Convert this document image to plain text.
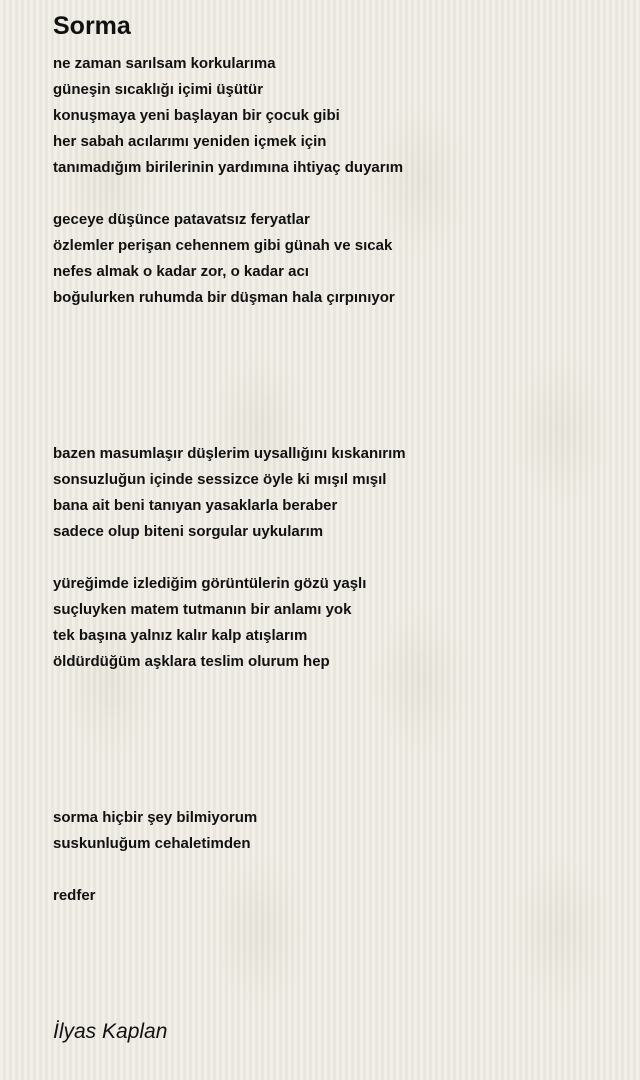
Sorma
ne zaman sarılsam korkularıma
güneşin sıcaklığı içimi üşütür
konuşmaya yeni başlayan bir çocuk gibi
her sabah acılarımı yeniden içmek için
tanımadığım birilerinin yardımına ihtiyaç duyarım
geceye düşünce patavatsız feryatlar
özlemler perişan cehennem gibi günah ve sıcak
nefes almak o kadar zor, o kadar acı
boğulurken ruhumda bir düşman hala çırpınıyor
bazen masumlaşır düşlerim uysallığını kıskanırım
sonsuzluğun içinde sessizce öyle ki mışıl mışıl
bana ait beni tanıyan yasaklarla beraber
sadece olup biteni sorgular uykularım
yüreğimde izlediğim görüntülerin gözü yaşlı
suçluyken matem tutmanın bir anlamı yok
tek başına yalnız kalır kalp atışlarım
öldürdüğüm aşklara teslim olurum hep
sorma hiçbir şey bilmiyorum
suskunluğum cehaletimden
redfer
İlyas Kaplan
